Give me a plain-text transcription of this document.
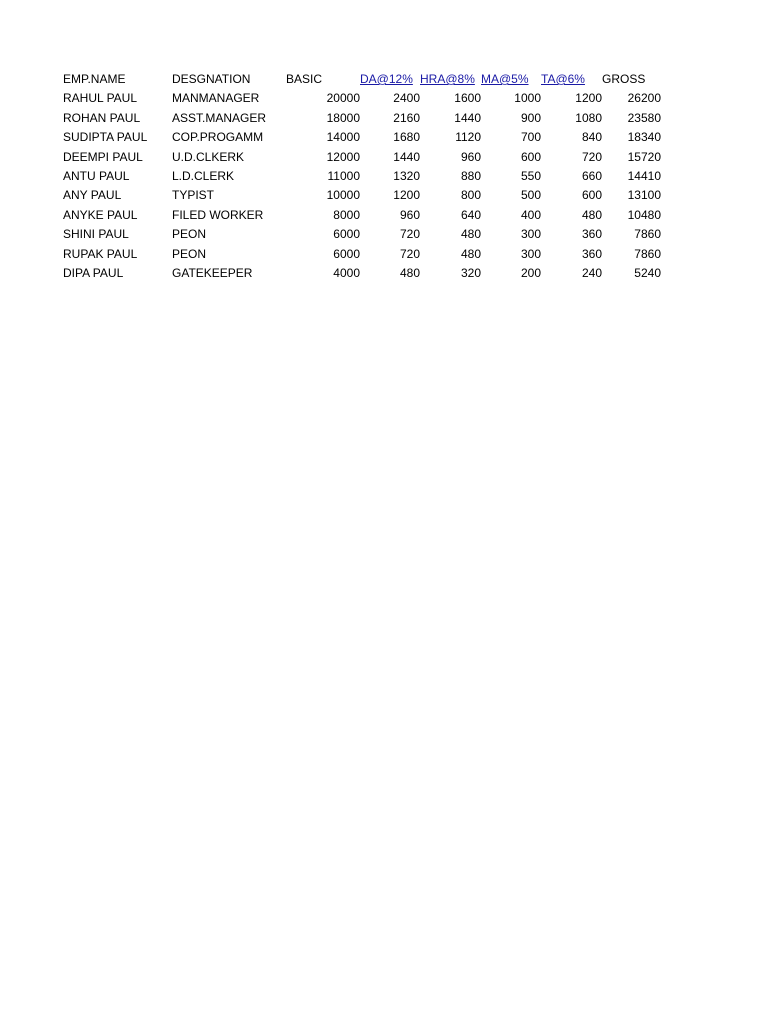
EMP.NAME	DESGNATION	BASIC	DA@12%	HRA@8%	MA@5%	TA@6%	GROSS
RAHUL PAUL	MANMANAGER	20000	2400	1600	1000	1200	26200
ROHAN PAUL	ASST.MANAGER	18000	2160	1440	900	1080	23580
SUDIPTA PAUL	COP.PROGAMM	14000	1680	1120	700	840	18340
DEEMPI PAUL	U.D.CLKERK	12000	1440	960	600	720	15720
ANTU PAUL	L.D.CLERK	11000	1320	880	550	660	14410
ANY PAUL	TYPIST	10000	1200	800	500	600	13100
ANYKE PAUL	FILED WORKER	8000	960	640	400	480	10480
SHINI PAUL	PEON	6000	720	480	300	360	7860
RUPAK PAUL	PEON	6000	720	480	300	360	7860
DIPA PAUL	GATEKEEPER	4000	480	320	200	240	5240
